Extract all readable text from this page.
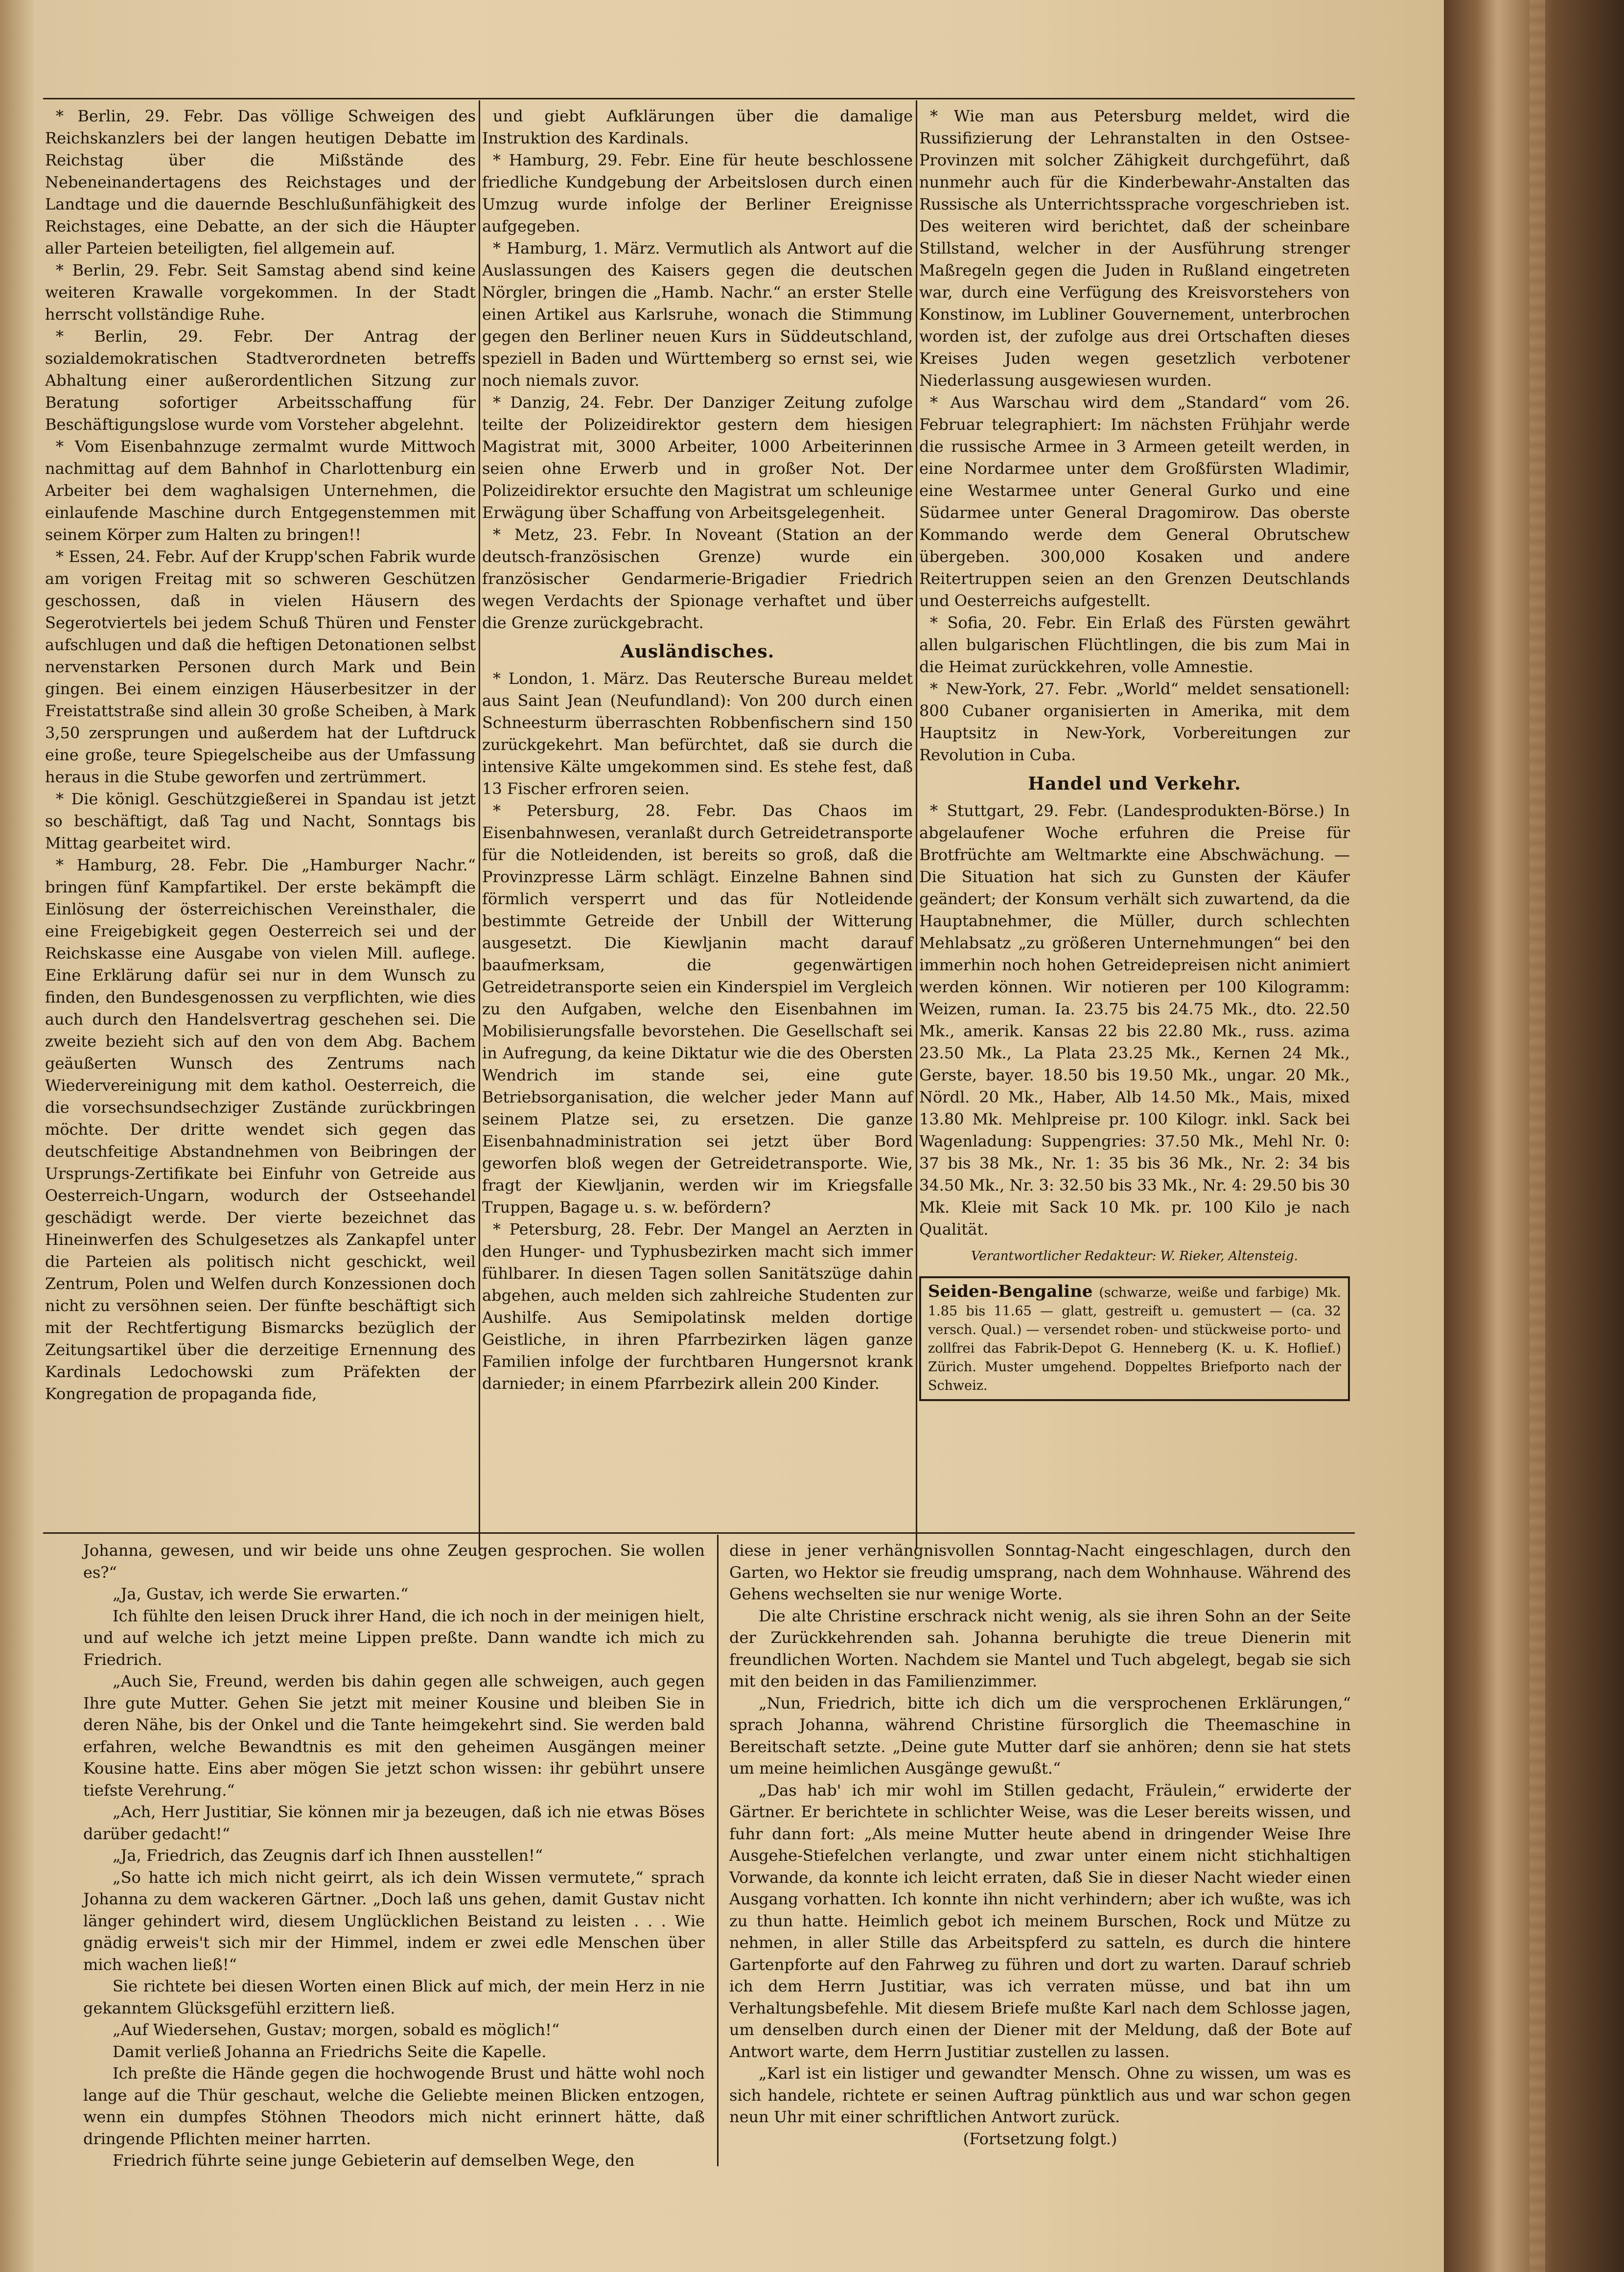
* Berlin, 29. Febr. Das völlige Schweigen des Reichskanzlers bei der langen heutigen Debatte im Reichstag über die Mißstände des Nebeneinandertagens des Reichstages und der Landtage und die dauernde Beschlußunfähigkeit des Reichstages, eine Debatte, an der sich die Häupter aller Parteien beteiligten, fiel allgemein auf.

* Berlin, 29. Febr. Seit Samstag abend sind keine weiteren Krawalle vorgekommen. In der Stadt herrscht vollständige Ruhe.

* Berlin, 29. Febr. Der Antrag der sozialdemokratischen Stadtverordneten betreffs Abhaltung einer außerordentlichen Sitzung zur Beratung sofortiger Arbeitsschaffung für Beschäftigungslose wurde vom Vorsteher abgelehnt.

* Vom Eisenbahnzuge zermalmt wurde Mittwoch nachmittag auf dem Bahnhof in Charlottenburg ein Arbeiter bei dem waghalsigen Unternehmen, die einlaufende Maschine durch Entgegenstemmen mit seinem Körper zum Halten zu bringen!!

* Essen, 24. Febr. Auf der Krupp'schen Fabrik wurde am vorigen Freitag mit so schweren Geschützen geschossen, daß in vielen Häusern des Segerotviertels bei jedem Schuß Thüren und Fenster aufschlugen und daß die heftigen Detonationen selbst nervenstarken Personen durch Mark und Bein gingen. Bei einem einzigen Häuserbesitzer in der Freistattstraße sind allein 30 große Scheiben, à Mark 3,50 zersprungen und außerdem hat der Luftdruck eine große, teure Spiegelscheibe aus der Umfassung heraus in die Stube geworfen und zertrümmert.

* Die königl. Geschützgießerei in Spandau ist jetzt so beschäftigt, daß Tag und Nacht, Sonntags bis Mittag gearbeitet wird.

* Hamburg, 28. Febr. Die „Hamburger Nachr.“ bringen fünf Kampfartikel. Der erste bekämpft die Einlösung der österreichischen Vereinsthaler, die eine Freigebigkeit gegen Oesterreich sei und der Reichskasse eine Ausgabe von vielen Mill. auflege. Eine Erklärung dafür sei nur in dem Wunsch zu finden, den Bundesgenossen zu verpflichten, wie dies auch durch den Handelsvertrag geschehen sei. Die zweite bezieht sich auf den von dem Abg. Bachem geäußerten Wunsch des Zentrums nach Wiedervereinigung mit dem kathol. Oesterreich, die die vorsechsundsechziger Zustände zurückbringen möchte. Der dritte wendet sich gegen das deutschfeitige Abstandnehmen von Beibringen der Ursprungs-Zertifikate bei Einfuhr von Getreide aus Oesterreich-Ungarn, wodurch der Ostseehandel geschädigt werde. Der vierte bezeichnet das Hineinwerfen des Schulgesetzes als Zankapfel unter die Parteien als politisch nicht geschickt, weil Zentrum, Polen und Welfen durch Konzessionen doch nicht zu versöhnen seien. Der fünfte beschäftigt sich mit der Rechtfertigung Bismarcks bezüglich der Zeitungsartikel über die derzeitige Ernennung des Kardinals Ledochowski zum Präfekten der Kongregation de propaganda fide,

und giebt Aufklärungen über die damalige Instruktion des Kardinals.

* Hamburg, 29. Febr. Eine für heute beschlossene friedliche Kundgebung der Arbeitslosen durch einen Umzug wurde infolge der Berliner Ereignisse aufgegeben.

* Hamburg, 1. März. Vermutlich als Antwort auf die Auslassungen des Kaisers gegen die deutschen Nörgler, bringen die „Hamb. Nachr.“ an erster Stelle einen Artikel aus Karlsruhe, wonach die Stimmung gegen den Berliner neuen Kurs in Süddeutschland, speziell in Baden und Württemberg so ernst sei, wie noch niemals zuvor.

* Danzig, 24. Febr. Der Danziger Zeitung zufolge teilte der Polizeidirektor gestern dem hiesigen Magistrat mit, 3000 Arbeiter, 1000 Arbeiterinnen seien ohne Erwerb und in großer Not. Der Polizeidirektor ersuchte den Magistrat um schleunige Erwägung über Schaffung von Arbeitsgelegenheit.

* Metz, 23. Febr. In Noveant (Station an der deutsch-französischen Grenze) wurde ein französischer Gendarmerie-Brigadier Friedrich wegen Verdachts der Spionage verhaftet und über die Grenze zurückgebracht.

Ausländisches.

* London, 1. März. Das Reutersche Bureau meldet aus Saint Jean (Neufundland): Von 200 durch einen Schneesturm überraschten Robbenfischern sind 150 zurückgekehrt. Man befürchtet, daß sie durch die intensive Kälte umgekommen sind. Es stehe fest, daß 13 Fischer erfroren seien.

* Petersburg, 28. Febr. Das Chaos im Eisenbahnwesen, veranlaßt durch Getreidetransporte für die Notleidenden, ist bereits so groß, daß die Provinzpresse Lärm schlägt. Einzelne Bahnen sind förmlich versperrt und das für Notleidende bestimmte Getreide der Unbill der Witterung ausgesetzt. Die Kiewljanin macht darauf baaufmerksam, die gegenwärtigen Getreidetransporte seien ein Kinderspiel im Vergleich zu den Aufgaben, welche den Eisenbahnen im Mobilisierungsfalle bevorstehen. Die Gesellschaft sei in Aufregung, da keine Diktatur wie die des Obersten Wendrich im stande sei, eine gute Betriebsorganisation, die welcher jeder Mann auf seinem Platze sei, zu ersetzen. Die ganze Eisenbahnadministration sei jetzt über Bord geworfen bloß wegen der Getreidetransporte. Wie, fragt der Kiewljanin, werden wir im Kriegsfalle Truppen, Bagage u. s. w. befördern?

* Petersburg, 28. Febr. Der Mangel an Aerzten in den Hunger- und Typhusbezirken macht sich immer fühlbarer. In diesen Tagen sollen Sanitätszüge dahin abgehen, auch melden sich zahlreiche Studenten zur Aushilfe. Aus Semipolatinsk melden dortige Geistliche, in ihren Pfarrbezirken lägen ganze Familien infolge der furchtbaren Hungersnot krank darnieder; in einem Pfarrbezirk allein 200 Kinder.

* Wie man aus Petersburg meldet, wird die Russifizierung der Lehranstalten in den Ostsee-Provinzen mit solcher Zähigkeit durchgeführt, daß nunmehr auch für die Kinderbewahr-Anstalten das Russische als Unterrichtssprache vorgeschrieben ist. Des weiteren wird berichtet, daß der scheinbare Stillstand, welcher in der Ausführung strenger Maßregeln gegen die Juden in Rußland eingetreten war, durch eine Verfügung des Kreisvorstehers von Konstinow, im Lubliner Gouvernement, unterbrochen worden ist, der zufolge aus drei Ortschaften dieses Kreises Juden wegen gesetzlich verbotener Niederlassung ausgewiesen wurden.

* Aus Warschau wird dem „Standard“ vom 26. Februar telegraphiert: Im nächsten Frühjahr werde die russische Armee in 3 Armeen geteilt werden, in eine Nordarmee unter dem Großfürsten Wladimir, eine Westarmee unter General Gurko und eine Südarmee unter General Dragomirow. Das oberste Kommando werde dem General Obrutschew übergeben. 300,000 Kosaken und andere Reitertruppen seien an den Grenzen Deutschlands und Oesterreichs aufgestellt.

* Sofia, 20. Febr. Ein Erlaß des Fürsten gewährt allen bulgarischen Flüchtlingen, die bis zum Mai in die Heimat zurückkehren, volle Amnestie.

* New-York, 27. Febr. „World“ meldet sensationell: 800 Cubaner organisierten in Amerika, mit dem Hauptsitz in New-York, Vorbereitungen zur Revolution in Cuba.

Handel und Verkehr.

* Stuttgart, 29. Febr. (Landesprodukten-Börse.) In abgelaufener Woche erfuhren die Preise für Brotfrüchte am Weltmarkte eine Abschwächung. — Die Situation hat sich zu Gunsten der Käufer geändert; der Konsum verhält sich zuwartend, da die Hauptabnehmer, die Müller, durch schlechten Mehlabsatz „zu größeren Unternehmungen“ bei den immerhin noch hohen Getreidepreisen nicht animiert werden können. Wir notieren per 100 Kilogramm: Weizen, ruman. Ia. 23.75 bis 24.75 Mk., dto. 22.50 Mk., amerik. Kansas 22 bis 22.80 Mk., russ. azima 23.50 Mk., La Plata 23.25 Mk., Kernen 24 Mk., Gerste, bayer. 18.50 bis 19.50 Mk., ungar. 20 Mk., Nördl. 20 Mk., Haber, Alb 14.50 Mk., Mais, mixed 13.80 Mk. Mehlpreise pr. 100 Kilogr. inkl. Sack bei Wagenladung: Suppengries: 37.50 Mk., Mehl Nr. 0: 37 bis 38 Mk., Nr. 1: 35 bis 36 Mk., Nr. 2: 34 bis 34.50 Mk., Nr. 3: 32.50 bis 33 Mk., Nr. 4: 29.50 bis 30 Mk. Kleie mit Sack 10 Mk. pr. 100 Kilo je nach Qualität.

Verantwortlicher Redakteur: W. Rieker, Altensteig.
Seiden-Bengaline (schwarze, weiße und farbige) Mk. 1.85 bis 11.65 — glatt, gestreift u. gemustert — (ca. 32 versch. Qual.) — versendet roben- und stückweise porto- und zollfrei das Fabrik-Depot G. Henneberg (K. u. K. Hoflief.) Zürich. Muster umgehend. Doppeltes Briefporto nach der Schweiz.

Johanna, gewesen, und wir beide uns ohne Zeugen gesprochen. Sie wollen es?“

„Ja, Gustav, ich werde Sie erwarten.“

Ich fühlte den leisen Druck ihrer Hand, die ich noch in der meinigen hielt, und auf welche ich jetzt meine Lippen preßte. Dann wandte ich mich zu Friedrich.

„Auch Sie, Freund, werden bis dahin gegen alle schweigen, auch gegen Ihre gute Mutter. Gehen Sie jetzt mit meiner Kousine und bleiben Sie in deren Nähe, bis der Onkel und die Tante heimgekehrt sind. Sie werden bald erfahren, welche Bewandtnis es mit den geheimen Ausgängen meiner Kousine hatte. Eins aber mögen Sie jetzt schon wissen: ihr gebührt unsere tiefste Verehrung.“

„Ach, Herr Justitiar, Sie können mir ja bezeugen, daß ich nie etwas Böses darüber gedacht!“

„Ja, Friedrich, das Zeugnis darf ich Ihnen ausstellen!“

„So hatte ich mich nicht geirrt, als ich dein Wissen vermutete,“ sprach Johanna zu dem wackeren Gärtner. „Doch laß uns gehen, damit Gustav nicht länger gehindert wird, diesem Unglücklichen Beistand zu leisten . . . Wie gnädig erweis't sich mir der Himmel, indem er zwei edle Menschen über mich wachen ließ!“

Sie richtete bei diesen Worten einen Blick auf mich, der mein Herz in nie gekanntem Glücksgefühl erzittern ließ.

„Auf Wiedersehen, Gustav; morgen, sobald es möglich!“

Damit verließ Johanna an Friedrichs Seite die Kapelle.

Ich preßte die Hände gegen die hochwogende Brust und hätte wohl noch lange auf die Thür geschaut, welche die Geliebte meinen Blicken entzogen, wenn ein dumpfes Stöhnen Theodors mich nicht erinnert hätte, daß dringende Pflichten meiner harrten.

Friedrich führte seine junge Gebieterin auf demselben Wege, den

diese in jener verhängnisvollen Sonntag-Nacht eingeschlagen, durch den Garten, wo Hektor sie freudig umsprang, nach dem Wohnhause. Während des Gehens wechselten sie nur wenige Worte.

Die alte Christine erschrack nicht wenig, als sie ihren Sohn an der Seite der Zurückkehrenden sah. Johanna beruhigte die treue Dienerin mit freundlichen Worten. Nachdem sie Mantel und Tuch abgelegt, begab sie sich mit den beiden in das Familienzimmer.

„Nun, Friedrich, bitte ich dich um die versprochenen Erklärungen,“ sprach Johanna, während Christine fürsorglich die Theemaschine in Bereitschaft setzte. „Deine gute Mutter darf sie anhören; denn sie hat stets um meine heimlichen Ausgänge gewußt.“

„Das hab' ich mir wohl im Stillen gedacht, Fräulein,“ erwiderte der Gärtner. Er berichtete in schlichter Weise, was die Leser bereits wissen, und fuhr dann fort: „Als meine Mutter heute abend in dringender Weise Ihre Ausgehe-Stiefelchen verlangte, und zwar unter einem nicht stichhaltigen Vorwande, da konnte ich leicht erraten, daß Sie in dieser Nacht wieder einen Ausgang vorhatten. Ich konnte ihn nicht verhindern; aber ich wußte, was ich zu thun hatte. Heimlich gebot ich meinem Burschen, Rock und Mütze zu nehmen, in aller Stille das Arbeitspferd zu satteln, es durch die hintere Gartenpforte auf den Fahrweg zu führen und dort zu warten. Darauf schrieb ich dem Herrn Justitiar, was ich verraten müsse, und bat ihn um Verhaltungsbefehle. Mit diesem Briefe mußte Karl nach dem Schlosse jagen, um denselben durch einen der Diener mit der Meldung, daß der Bote auf Antwort warte, dem Herrn Justitiar zustellen zu lassen.

„Karl ist ein listiger und gewandter Mensch. Ohne zu wissen, um was es sich handele, richtete er seinen Auftrag pünktlich aus und war schon gegen neun Uhr mit einer schriftlichen Antwort zurück.

(Fortsetzung folgt.)
